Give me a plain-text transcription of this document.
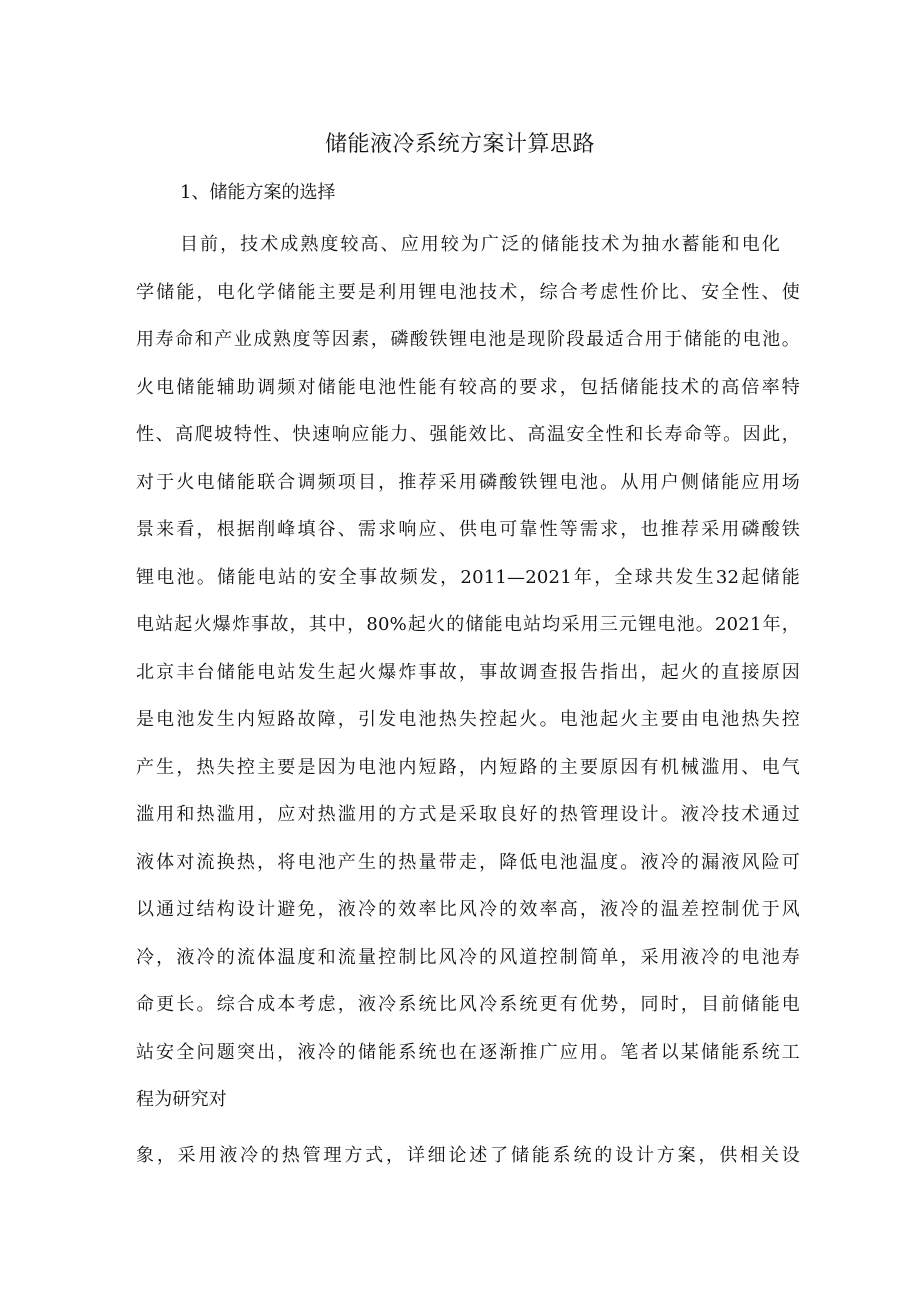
储能液冷系统方案计算思路
1、储能方案的选择
目前，技术成熟度较高、应用较为广泛的储能技术为抽水蓄能和电化
学储能，电化学储能主要是利用锂电池技术，综合考虑性价比、安全性、使
用寿命和产业成熟度等因素，磷酸铁锂电池是现阶段最适合用于储能的电池。
火电储能辅助调频对储能电池性能有较高的要求，包括储能技术的高倍率特
性、高爬坡特性、快速响应能力、强能效比、高温安全性和长寿命等。因此，
对于火电储能联合调频项目，推荐采用磷酸铁锂电池。从用户侧储能应用场
景来看，根据削峰填谷、需求响应、供电可靠性等需求，也推荐采用磷酸铁
锂电池。储能电站的安全事故频发，2011—2021年，全球共发生32起储能
电站起火爆炸事故，其中，80%起火的储能电站均采用三元锂电池。2021年，
北京丰台储能电站发生起火爆炸事故，事故调查报告指出，起火的直接原因
是电池发生内短路故障，引发电池热失控起火。电池起火主要由电池热失控
产生，热失控主要是因为电池内短路，内短路的主要原因有机械滥用、电气
滥用和热滥用，应对热滥用的方式是采取良好的热管理设计。液冷技术通过
液体对流换热，将电池产生的热量带走，降低电池温度。液冷的漏液风险可
以通过结构设计避免，液冷的效率比风冷的效率高，液冷的温差控制优于风
冷，液冷的流体温度和流量控制比风冷的风道控制简单，采用液冷的电池寿
命更长。综合成本考虑，液冷系统比风冷系统更有优势，同时，目前储能电
站安全问题突出，液冷的储能系统也在逐渐推广应用。笔者以某储能系统工
程为研究对
象，采用液冷的热管理方式，详细论述了储能系统的设计方案，供相关设
